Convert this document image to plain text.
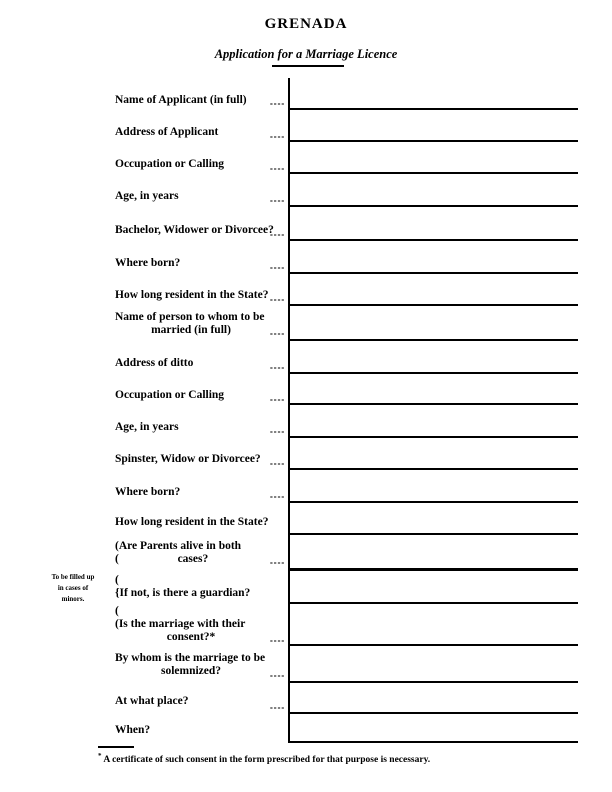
GRENADA
Application for a Marriage Licence
Name of Applicant (in full)	----
Address of Applicant	----
Occupation or Calling	----
Age, in years	----
Bachelor, Widower or Divorcee?
----
Where born?	----
How long resident in the State? ----
Name of person to whom to be
married (in full)	----
Address of ditto	----
Occupation or Calling	----
Age, in years	----
Spinster, Widow or Divorcee?	----
Where born?	----
How long resident in the State?
(Are Parents alive in both
(	cases?	----
To be filled up
in cases of
minors.
(
{If not, is there a guardian?
(
(Is the marriage with their
consent?*	----
By whom is the marriage to be
solemnized?	----
At what place?
----
When?
* A certificate of such consent in the form prescribed for that purpose is necessary.
